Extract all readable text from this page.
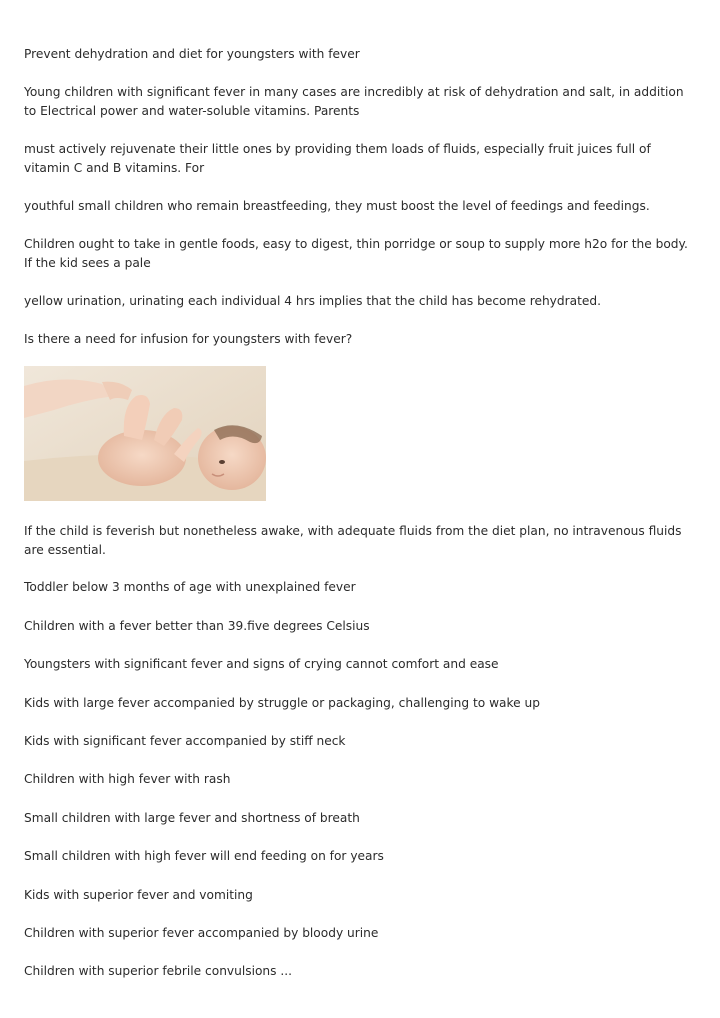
Prevent dehydration and diet for youngsters with fever

Young children with significant fever in many cases are incredibly at risk of dehydration and salt, in addition to Electrical power and water-soluble vitamins. Parents

must actively rejuvenate their little ones by providing them loads of fluids, especially fruit juices full of vitamin C and B vitamins. For

youthful small children who remain breastfeeding, they must boost the level of feedings and feedings.

Children ought to take in gentle foods, easy to digest, thin porridge or soup to supply more h2o for the body. If the kid sees a pale

yellow urination, urinating each individual 4 hrs implies that the child has become rehydrated.

Is there a need for infusion for youngsters with fever?

If the child is feverish but nonetheless awake, with adequate fluids from the diet plan, no intravenous fluids are essential.

Toddler below 3 months of age with unexplained fever

Children with a fever better than 39.five degrees Celsius

Youngsters with significant fever and signs of crying cannot comfort and ease

Kids with large fever accompanied by struggle or packaging, challenging to wake up

Kids with significant fever accompanied by stiff neck

Children with high fever with rash

Small children with large fever and shortness of breath

Small children with high fever will end feeding on for years

Kids with superior fever and vomiting

Children with superior fever accompanied by bloody urine

Children with superior febrile convulsions ...
